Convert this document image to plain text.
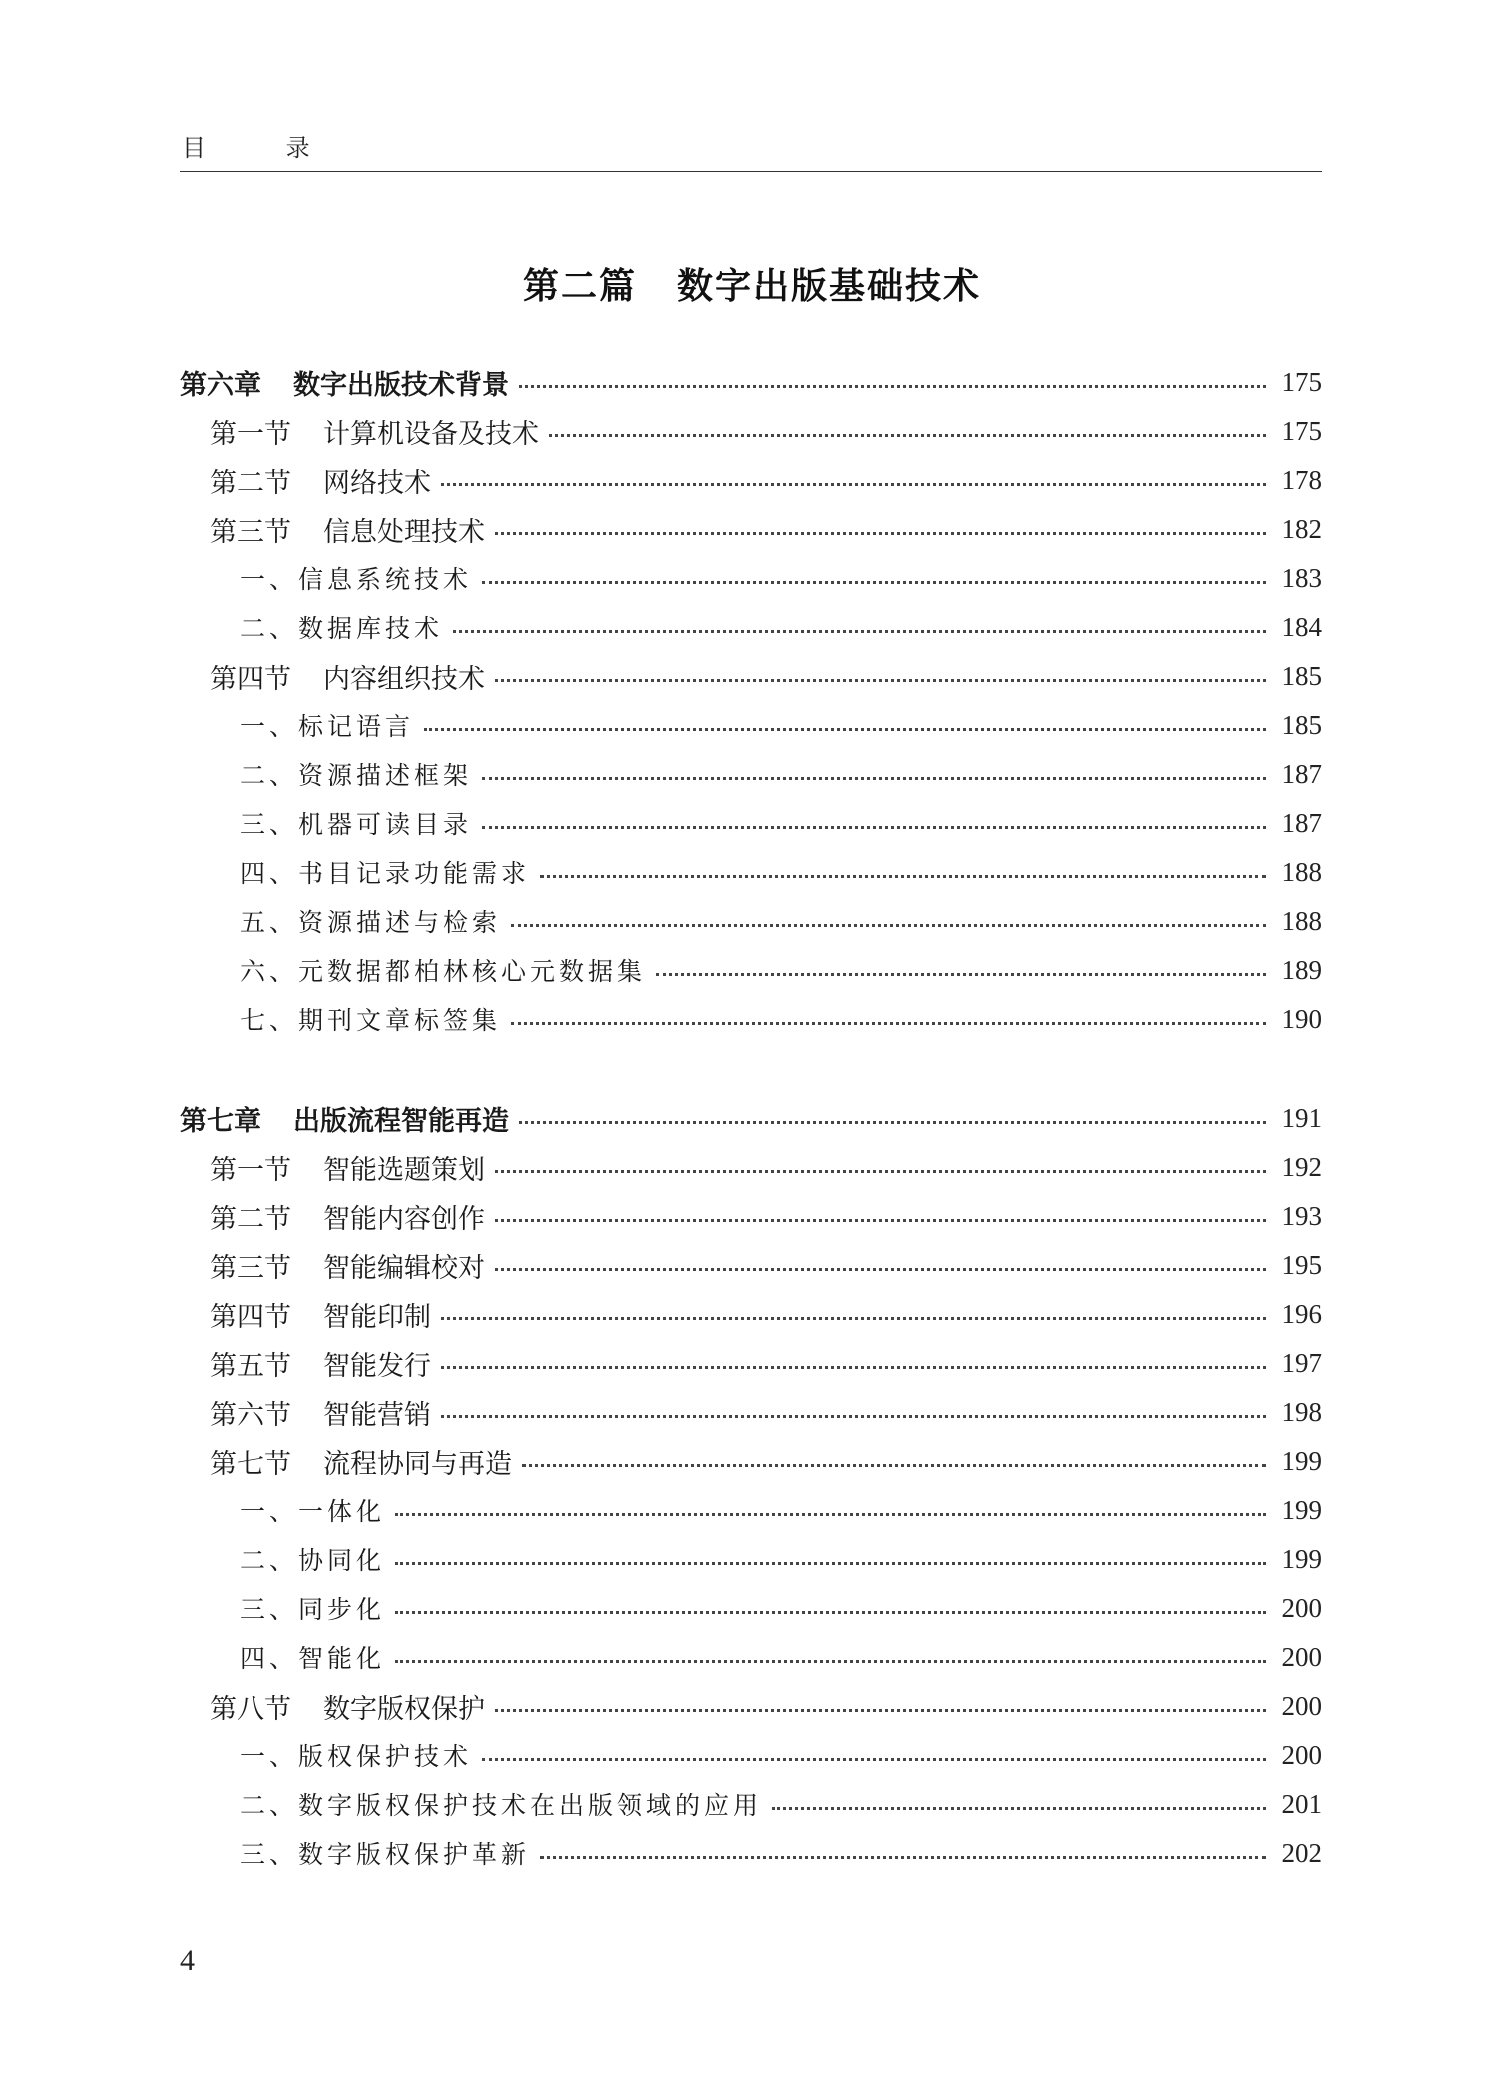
目 录
第二篇 数字出版基础技术
第六章 数字出版技术背景	175
第一节 计算机设备及技术	175
第二节 网络技术	178
第三节 信息处理技术	182
一、信息系统技术	183
二、数据库技术	184
第四节 内容组织技术	185
一、标记语言	185
二、资源描述框架	187
三、机器可读目录	187
四、书目记录功能需求	188
五、资源描述与检索	188
六、元数据都柏林核心元数据集	189
七、期刊文章标签集	190
第七章 出版流程智能再造	191
第一节 智能选题策划	192
第二节 智能内容创作	193
第三节 智能编辑校对	195
第四节 智能印制	196
第五节 智能发行	197
第六节 智能营销	198
第七节 流程协同与再造	199
一、一体化	199
二、协同化	199
三、同步化	200
四、智能化	200
第八节 数字版权保护	200
一、版权保护技术	200
二、数字版权保护技术在出版领域的应用	201
三、数字版权保护革新	202
4
